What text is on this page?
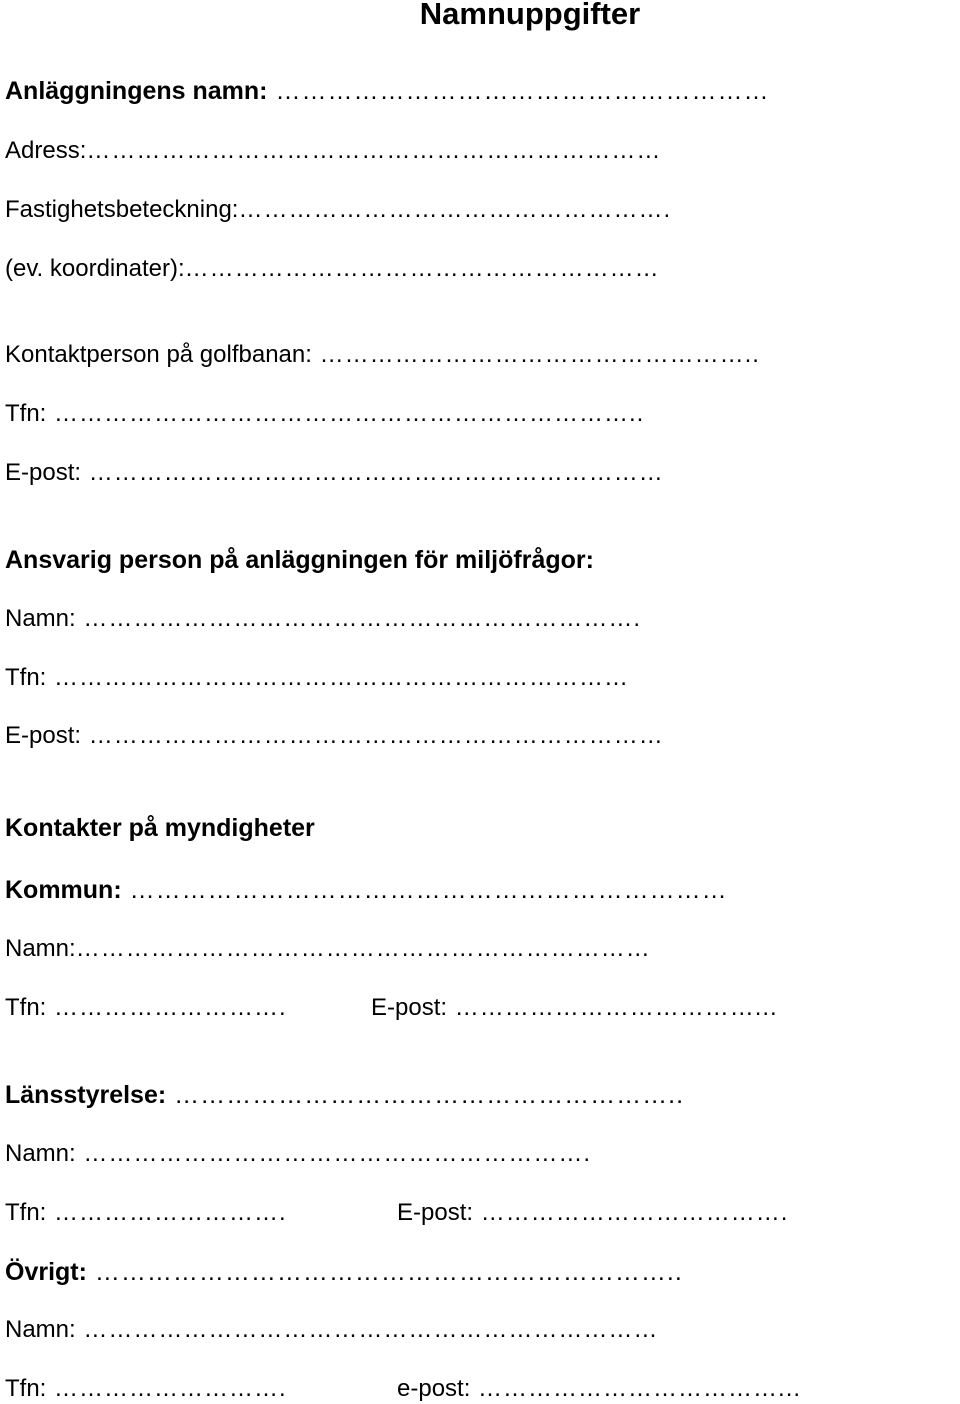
Namnuppgifter
Anläggningens namn: …………………………………………………
Adress:……………………………………………………………
Fastighetsbeteckning:…………………………………………….
(ev. koordinater):…………………………………………………
Kontaktperson på golfbanan: ……………………………………………..
Tfn: ……………………………………………………………..
E-post: ……………………………………………………………
Ansvarig person på anläggningen för miljöfrågor:
Namn: ………………………………………………………….
Tfn: ……………………………………………………………
E-post: ……………………………………………………………
Kontakter på myndigheter
Kommun: ……………………………………………………………
Namn:……………………………………………………………
Tfn: ……………………….	E-post: ………………………………...
Länsstyrelse: …………………………………………………..
Namn: …………………………………………………….
Tfn: ……………………….	E-post: ……………………………….
Övrigt: …………………………………………………………..
Namn: ……………………………………………………………
Tfn: ……………………….	e-post: ………………………………...
